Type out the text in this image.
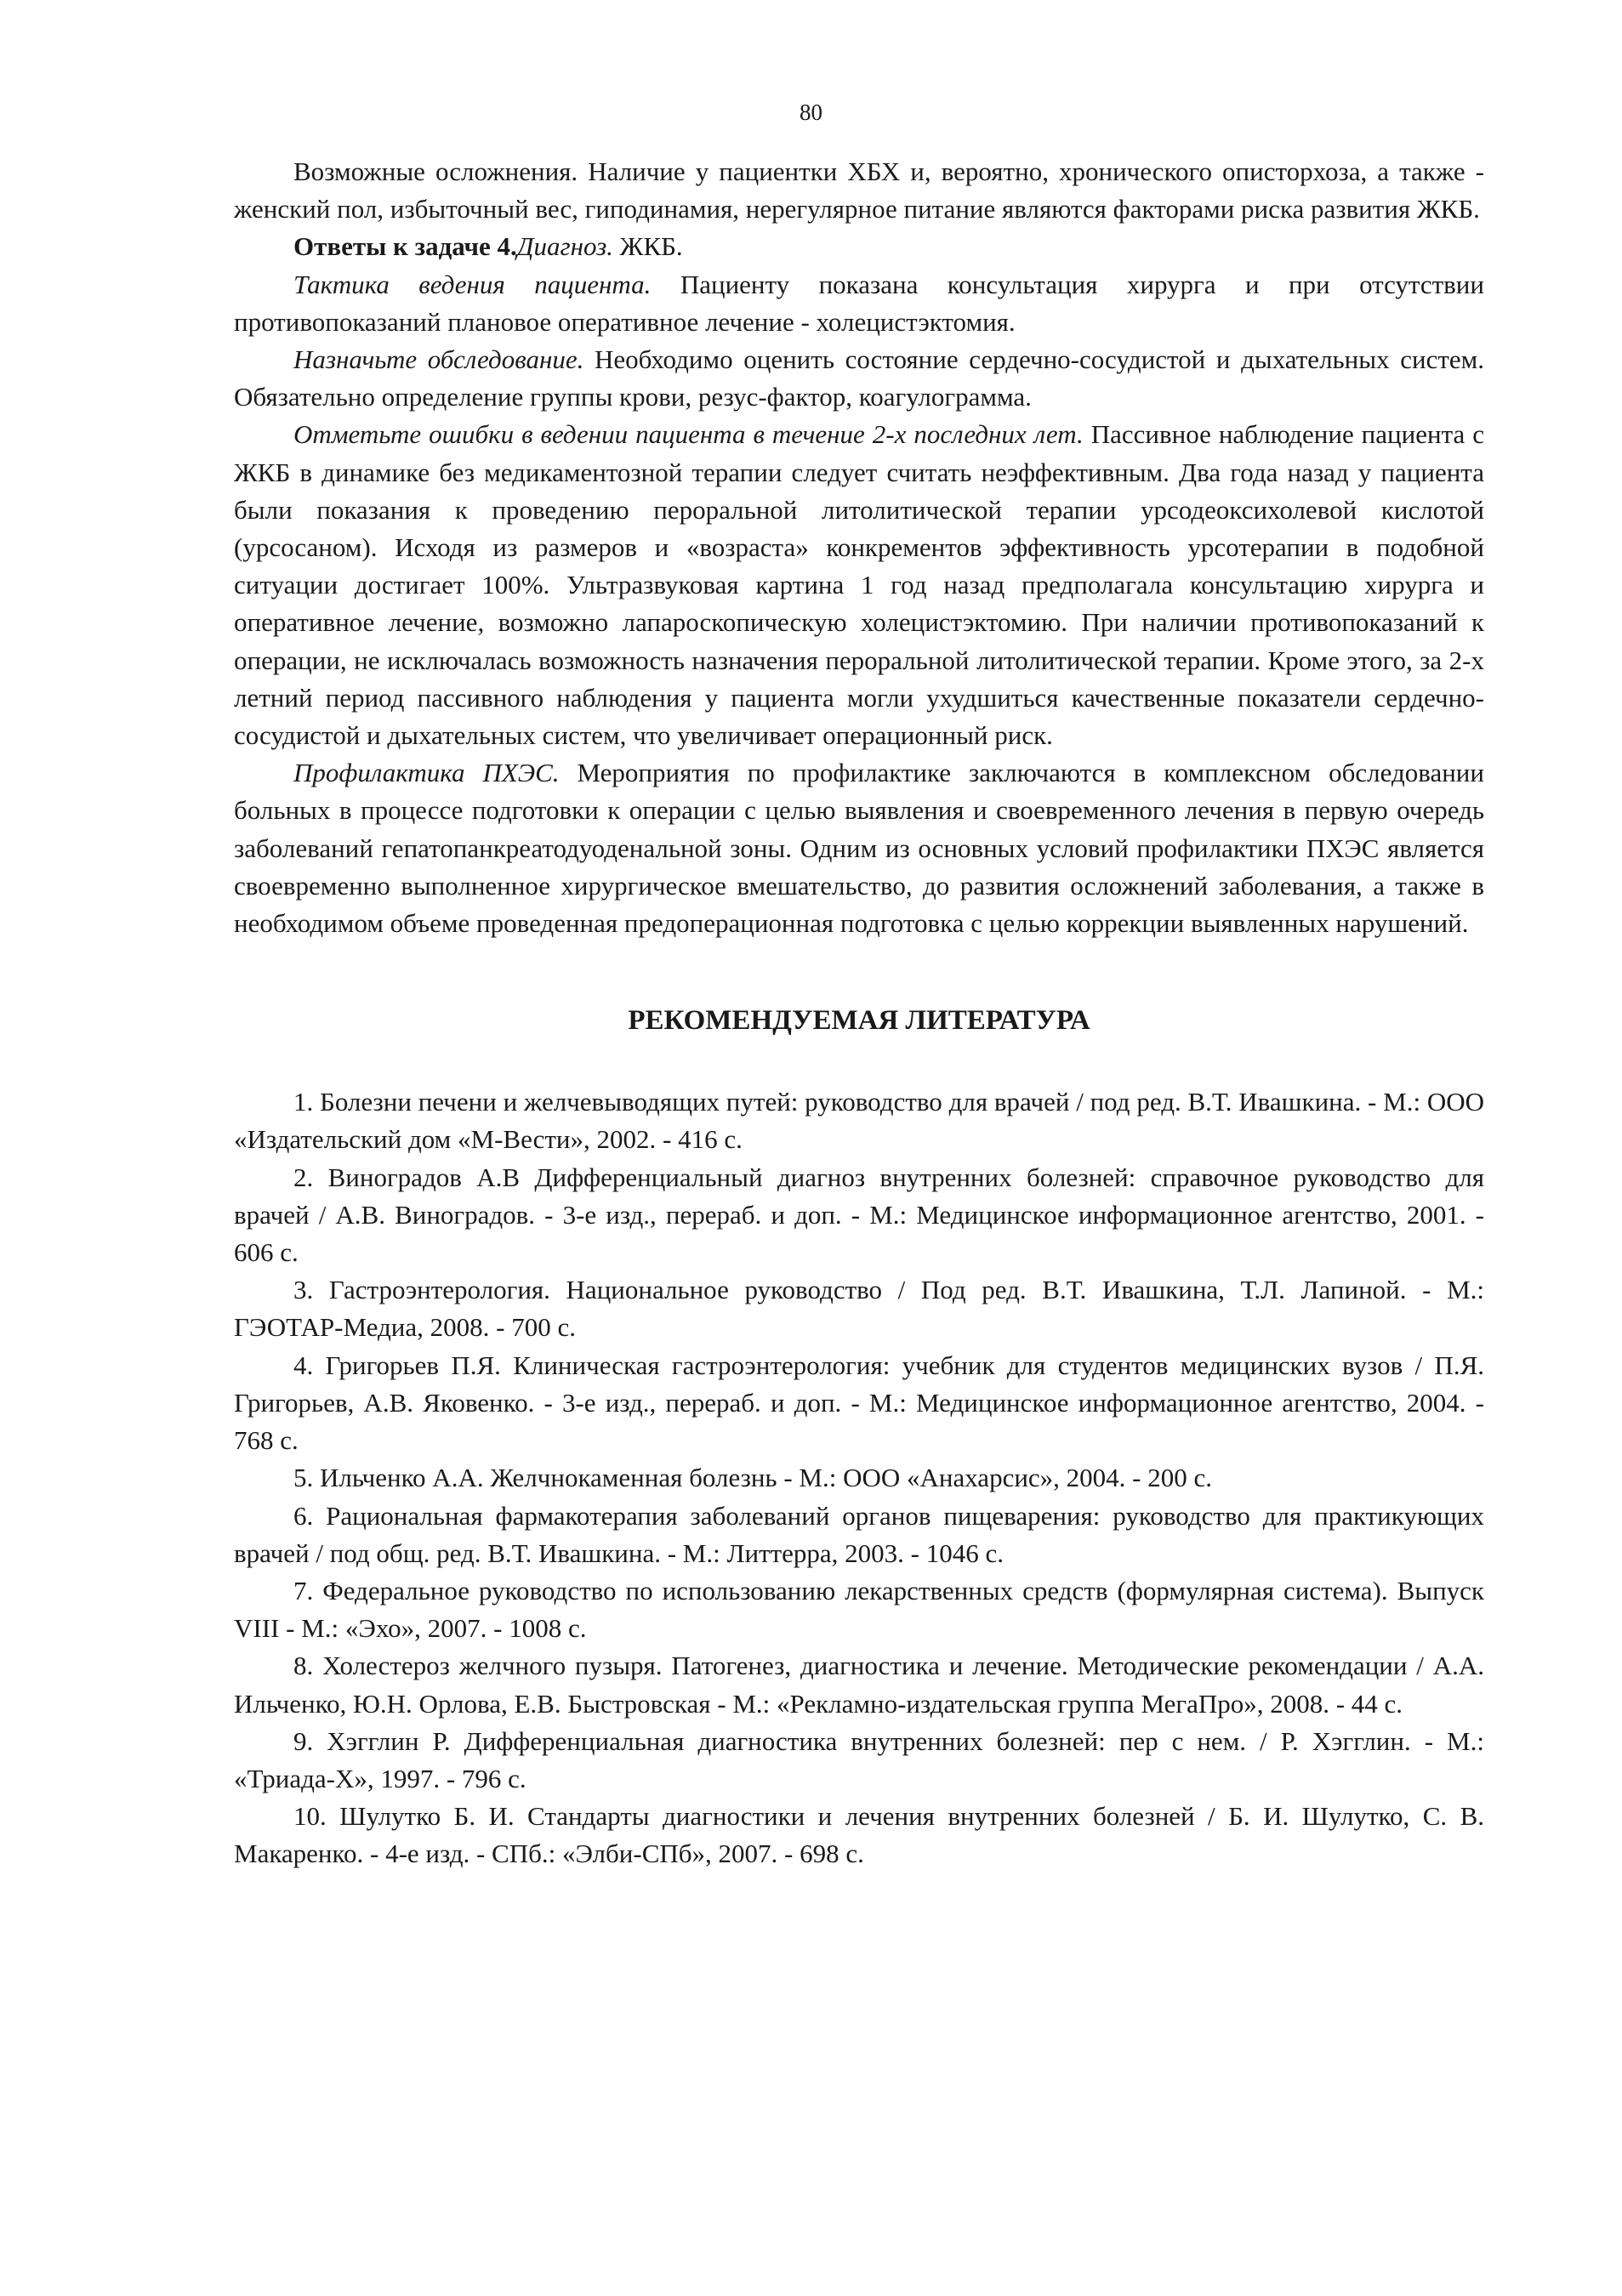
80

Возможные осложнения. Наличие у пациентки ХБХ и, вероятно, хронического описторхоза, а также - женский пол, избыточный вес, гиподинамия, нерегулярное питание являются факторами риска развития ЖКБ.

Ответы к задаче 4.Диагноз. ЖКБ.

Тактика ведения пациента. Пациенту показана консультация хирурга и при отсутствии противопоказаний плановое оперативное лечение - холецистэктомия.

Назначьте обследование. Необходимо оценить состояние сердечно-сосудистой и дыхательных систем. Обязательно определение группы крови, резус-фактор, коагулограмма.

Отметьте ошибки в ведении пациента в течение 2-х последних лет. Пассивное наблюдение пациента с ЖКБ в динамике без медикаментозной терапии следует считать неэффективным. Два года назад у пациента были показания к проведению пероральной литолитической терапии урсодеоксихолевой кислотой (урсосаном). Исходя из размеров и «возраста» конкрементов эффективность урсотерапии в подобной ситуации достигает 100%. Ультразвуковая картина 1 год назад предполагала консультацию хирурга и оперативное лечение, возможно лапароскопическую холецистэктомию. При наличии противопоказаний к операции, не исключалась возможность назначения пероральной литолитической терапии. Кроме этого, за 2-х летний период пассивного наблюдения у пациента могли ухудшиться качественные показатели сердечно-сосудистой и дыхательных систем, что увеличивает операционный риск.

Профилактика ПХЭС. Мероприятия по профилактике заключаются в комплексном обследовании больных в процессе подготовки к операции с целью выявления и своевременного лечения в первую очередь заболеваний гепатопанкреатодуоденальной зоны. Одним из основных условий профилактики ПХЭС является своевременно выполненное хирургическое вмешательство, до развития осложнений заболевания, а также в необходимом объеме проведенная предоперационная подготовка с целью коррекции выявленных нарушений.

РЕКОМЕНДУЕМАЯ ЛИТЕРАТУРА

1. Болезни печени и желчевыводящих путей: руководство для врачей / под ред. В.Т. Ивашкина. - М.: ООО «Издательский дом «М-Вести», 2002. - 416 с.

2. Виноградов А.В Дифференциальный диагноз внутренних болезней: справочное руководство для врачей / А.В. Виноградов. - 3-е изд., перераб. и доп. - М.: Медицинское информационное агентство, 2001. - 606 с.

3. Гастроэнтерология. Национальное руководство / Под ред. В.Т. Ивашкина, Т.Л. Лапиной. - М.: ГЭОТАР-Медиа, 2008. - 700 с.

4. Григорьев П.Я. Клиническая гастроэнтерология: учебник для студентов медицинских вузов / П.Я. Григорьев, А.В. Яковенко. - 3-е изд., перераб. и доп. - М.: Медицинское информационное агентство, 2004. - 768 с.

5. Ильченко А.А. Желчнокаменная болезнь - М.: ООО «Анахарсис», 2004. - 200 с.

6. Рациональная фармакотерапия заболеваний органов пищеварения: руководство для практикующих врачей / под общ. ред. В.Т. Ивашкина. - М.: Литтерра, 2003. - 1046 с.

7. Федеральное руководство по использованию лекарственных средств (формулярная система). Выпуск VIII - М.: «Эхо», 2007. - 1008 с.

8. Холестероз желчного пузыря. Патогенез, диагностика и лечение. Методические рекомендации / А.А. Ильченко, Ю.Н. Орлова, Е.В. Быстровская - М.: «Рекламно-издательская группа МегаПро», 2008. - 44 с.

9. Хэгглин Р. Дифференциальная диагностика внутренних болезней: пер с нем. / Р. Хэгглин. - М.: «Триада-Х», 1997. - 796 с.

10. Шулутко Б. И. Стандарты диагностики и лечения внутренних болезней / Б. И. Шулутко, С. В. Макаренко. - 4-е изд. - СПб.: «Элби-СПб», 2007. - 698 с.
